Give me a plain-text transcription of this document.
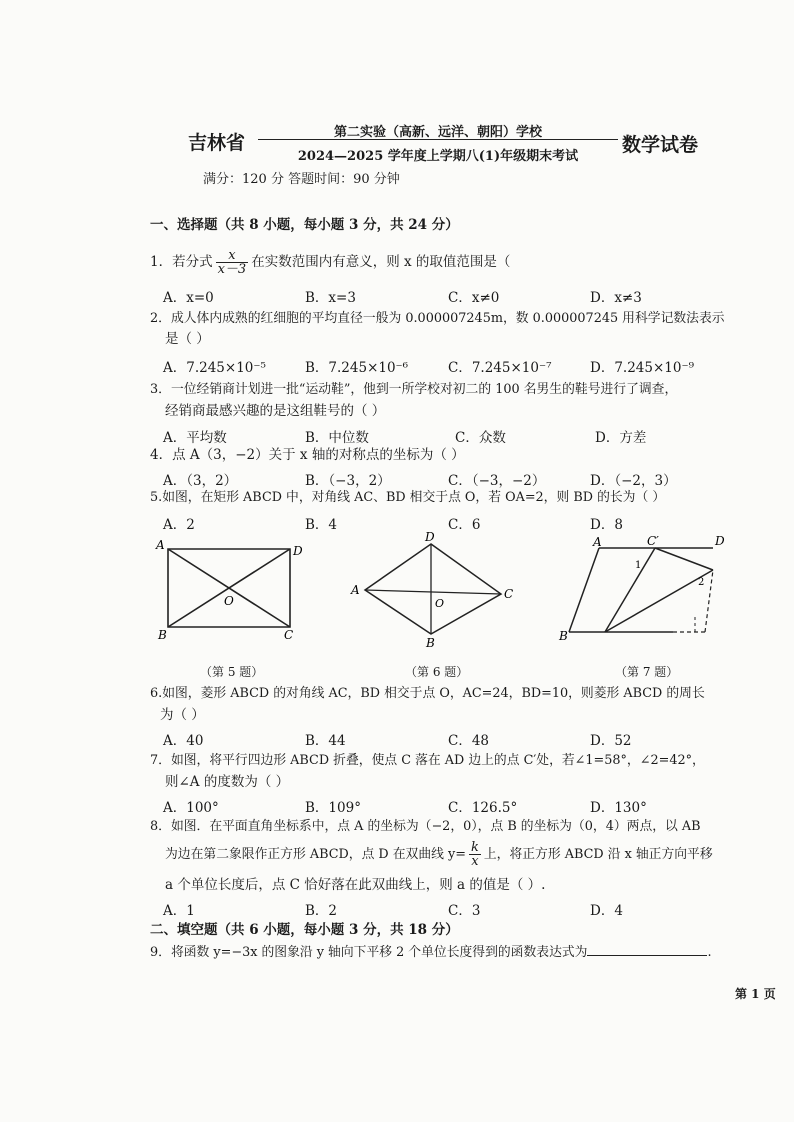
吉林省	第二实验（高新、远洋、朝阳）学校
2024—2025 学年度上学期八(1)年级期末考试
数学试卷
满分：120 分 答题时间：90 分钟
一、选择题（共 8 小题，每小题 3 分，共 24 分）
1．若分式 $\frac{x}{x-3}$ 在实数范围内有意义，则 x 的取值范围是（
A．x=0	B．x=3	C．x≠0	D．x≠3
2．成人体内成熟的红细胞的平均直径一般为 0.000007245m，数 0.000007245 用科学记数法表示
是（ ）
A．7.245×10⁻⁵	B．7.245×10⁻⁶	C．7.245×10⁻⁷	D．7.245×10⁻⁹
3．一位经销商计划进一批“运动鞋”，他到一所学校对初二的 100 名男生的鞋号进行了调查，
经销商最感兴趣的是这组鞋号的（ ）
A．平均数	B．中位数	C．众数	D．方差
4．点 A（3，−2）关于 x 轴的对称点的坐标为（ ）
A．（3，2）	B．（−3，2）	C．（−3，−2）	D．（−2，3）
5.如图，在矩形 ABCD 中，对角线 AC、BD 相交于点 O，若 OA=2，则 BD 的长为（ ）
A．2	B．4	C．6	D．8
A	D
O
B	C
（第 5 题）
D
A	C
O
B
（第 6 题）
A	C′	D
1
2
B
（第 7 题）
6.如图，菱形 ABCD 的对角线 AC，BD 相交于点 O，AC=24，BD=10，则菱形 ABCD 的周长
为（ ）
A．40	B．44	C．48	D．52
7．如图，将平行四边形 ABCD 折叠，使点 C 落在 AD 边上的点 C′处，若∠1=58°，∠2=42°，
则∠A 的度数为（ ）
A．100°	B．109°	C．126.5°	D．130°
8．如图．在平面直角坐标系中，点 A 的坐标为（−2，0），点 B 的坐标为（0，4）两点，以 AB
为边在第二象限作正方形 ABCD，点 D 在双曲线 $y= \frac{k}{x}$ 上，将正方形 ABCD 沿 x 轴正方向平移
a 个单位长度后，点 C 恰好落在此双曲线上，则 a 的值是（ ）.
A．1	B．2	C．3	D．4
二、填空题（共 6 小题，每小题 3 分，共 18 分）
9．将函数 y=−3x 的图象沿 y 轴向下平移 2 个单位长度得到的函数表达式为	.
第 1 页
